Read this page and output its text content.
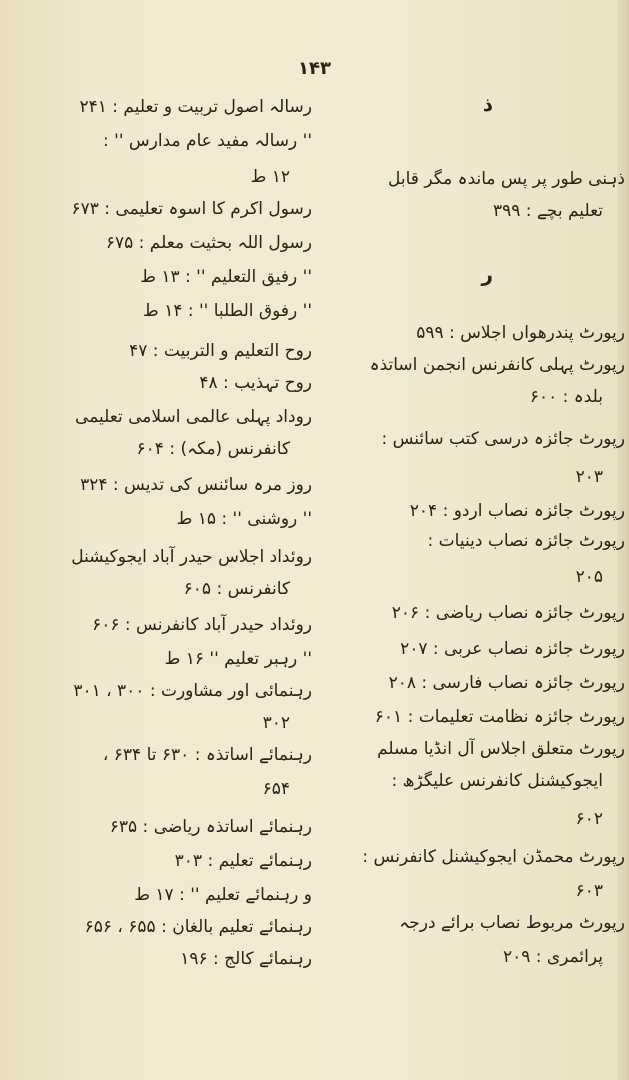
۱۴۳
ذ
ذہنی طور پر پس ماندہ مگر قابل
تعلیم بچے : ۳۹۹
ر
رپورٹ پندرھواں اجلاس : ۵۹۹
رپورٹ پہلی کانفرنس انجمن اساتذہ
بلدہ : ۶۰۰
رپورٹ جائزہ درسی کتب سائنس :
۲۰۳
رپورٹ جائزہ نصاب اردو : ۲۰۴
رپورٹ جائزہ نصاب دینیات :
۲۰۵
رپورٹ جائزہ نصاب ریاضی : ۲۰۶
رپورٹ جائزہ نصاب عربی : ۲۰۷
رپورٹ جائزہ نصاب فارسی : ۲۰۸
رپورٹ جائزہ نظامت تعلیمات : ۶۰۱
رپورٹ متعلق اجلاس آل انڈیا مسلم
ایجوکیشنل کانفرنس علیگڑھ :
۶۰۲
رپورٹ محمڈن ایجوکیشنل کانفرنس :
۶۰۳
رپورٹ مربوط نصاب برائے درجہ
پرائمری : ۲۰۹
رسالہ اصول تربیت و تعلیم : ۲۴۱
'' رسالہ مفید عام مدارس '' :
۱۲ ط
رسول اکرم کا اسوہ تعلیمی : ۶۷۳
رسول اللہ بحثیت معلم : ۶۷۵
'' رفیق التعلیم '' : ۱۳ ط
'' رفوق الطلبا '' : ۱۴ ط
روح التعلیم و التربیت : ۴۷
روح تہذیب : ۴۸
روداد پہلی عالمی اسلامی تعلیمی
کانفرنس (مکہ) : ۶۰۴
روز مرہ سائنس کی تدیس : ۳۲۴
'' روشنی '' : ۱۵ ط
روئداد اجلاس حیدر آباد ایجوکیشنل
کانفرنس : ۶۰۵
روئداد حیدر آباد کانفرنس : ۶۰۶
'' رہبر تعلیم '' ۱۶ ط
رہنمائی اور مشاورت : ۳۰۰ ، ۳۰۱
۳۰۲
رہنمائے اساتذہ : ۶۳۰ تا ۶۳۴ ،
۶۵۴
رہنمائے اساتذہ ریاضی : ۶۳۵
رہنمائے تعلیم : ۳۰۳
و رہنمائے تعلیم '' : ۱۷ ط
رہنمائے تعلیم بالغان : ۶۵۵ ، ۶۵۶
رہنمائے کالج : ۱۹۶
